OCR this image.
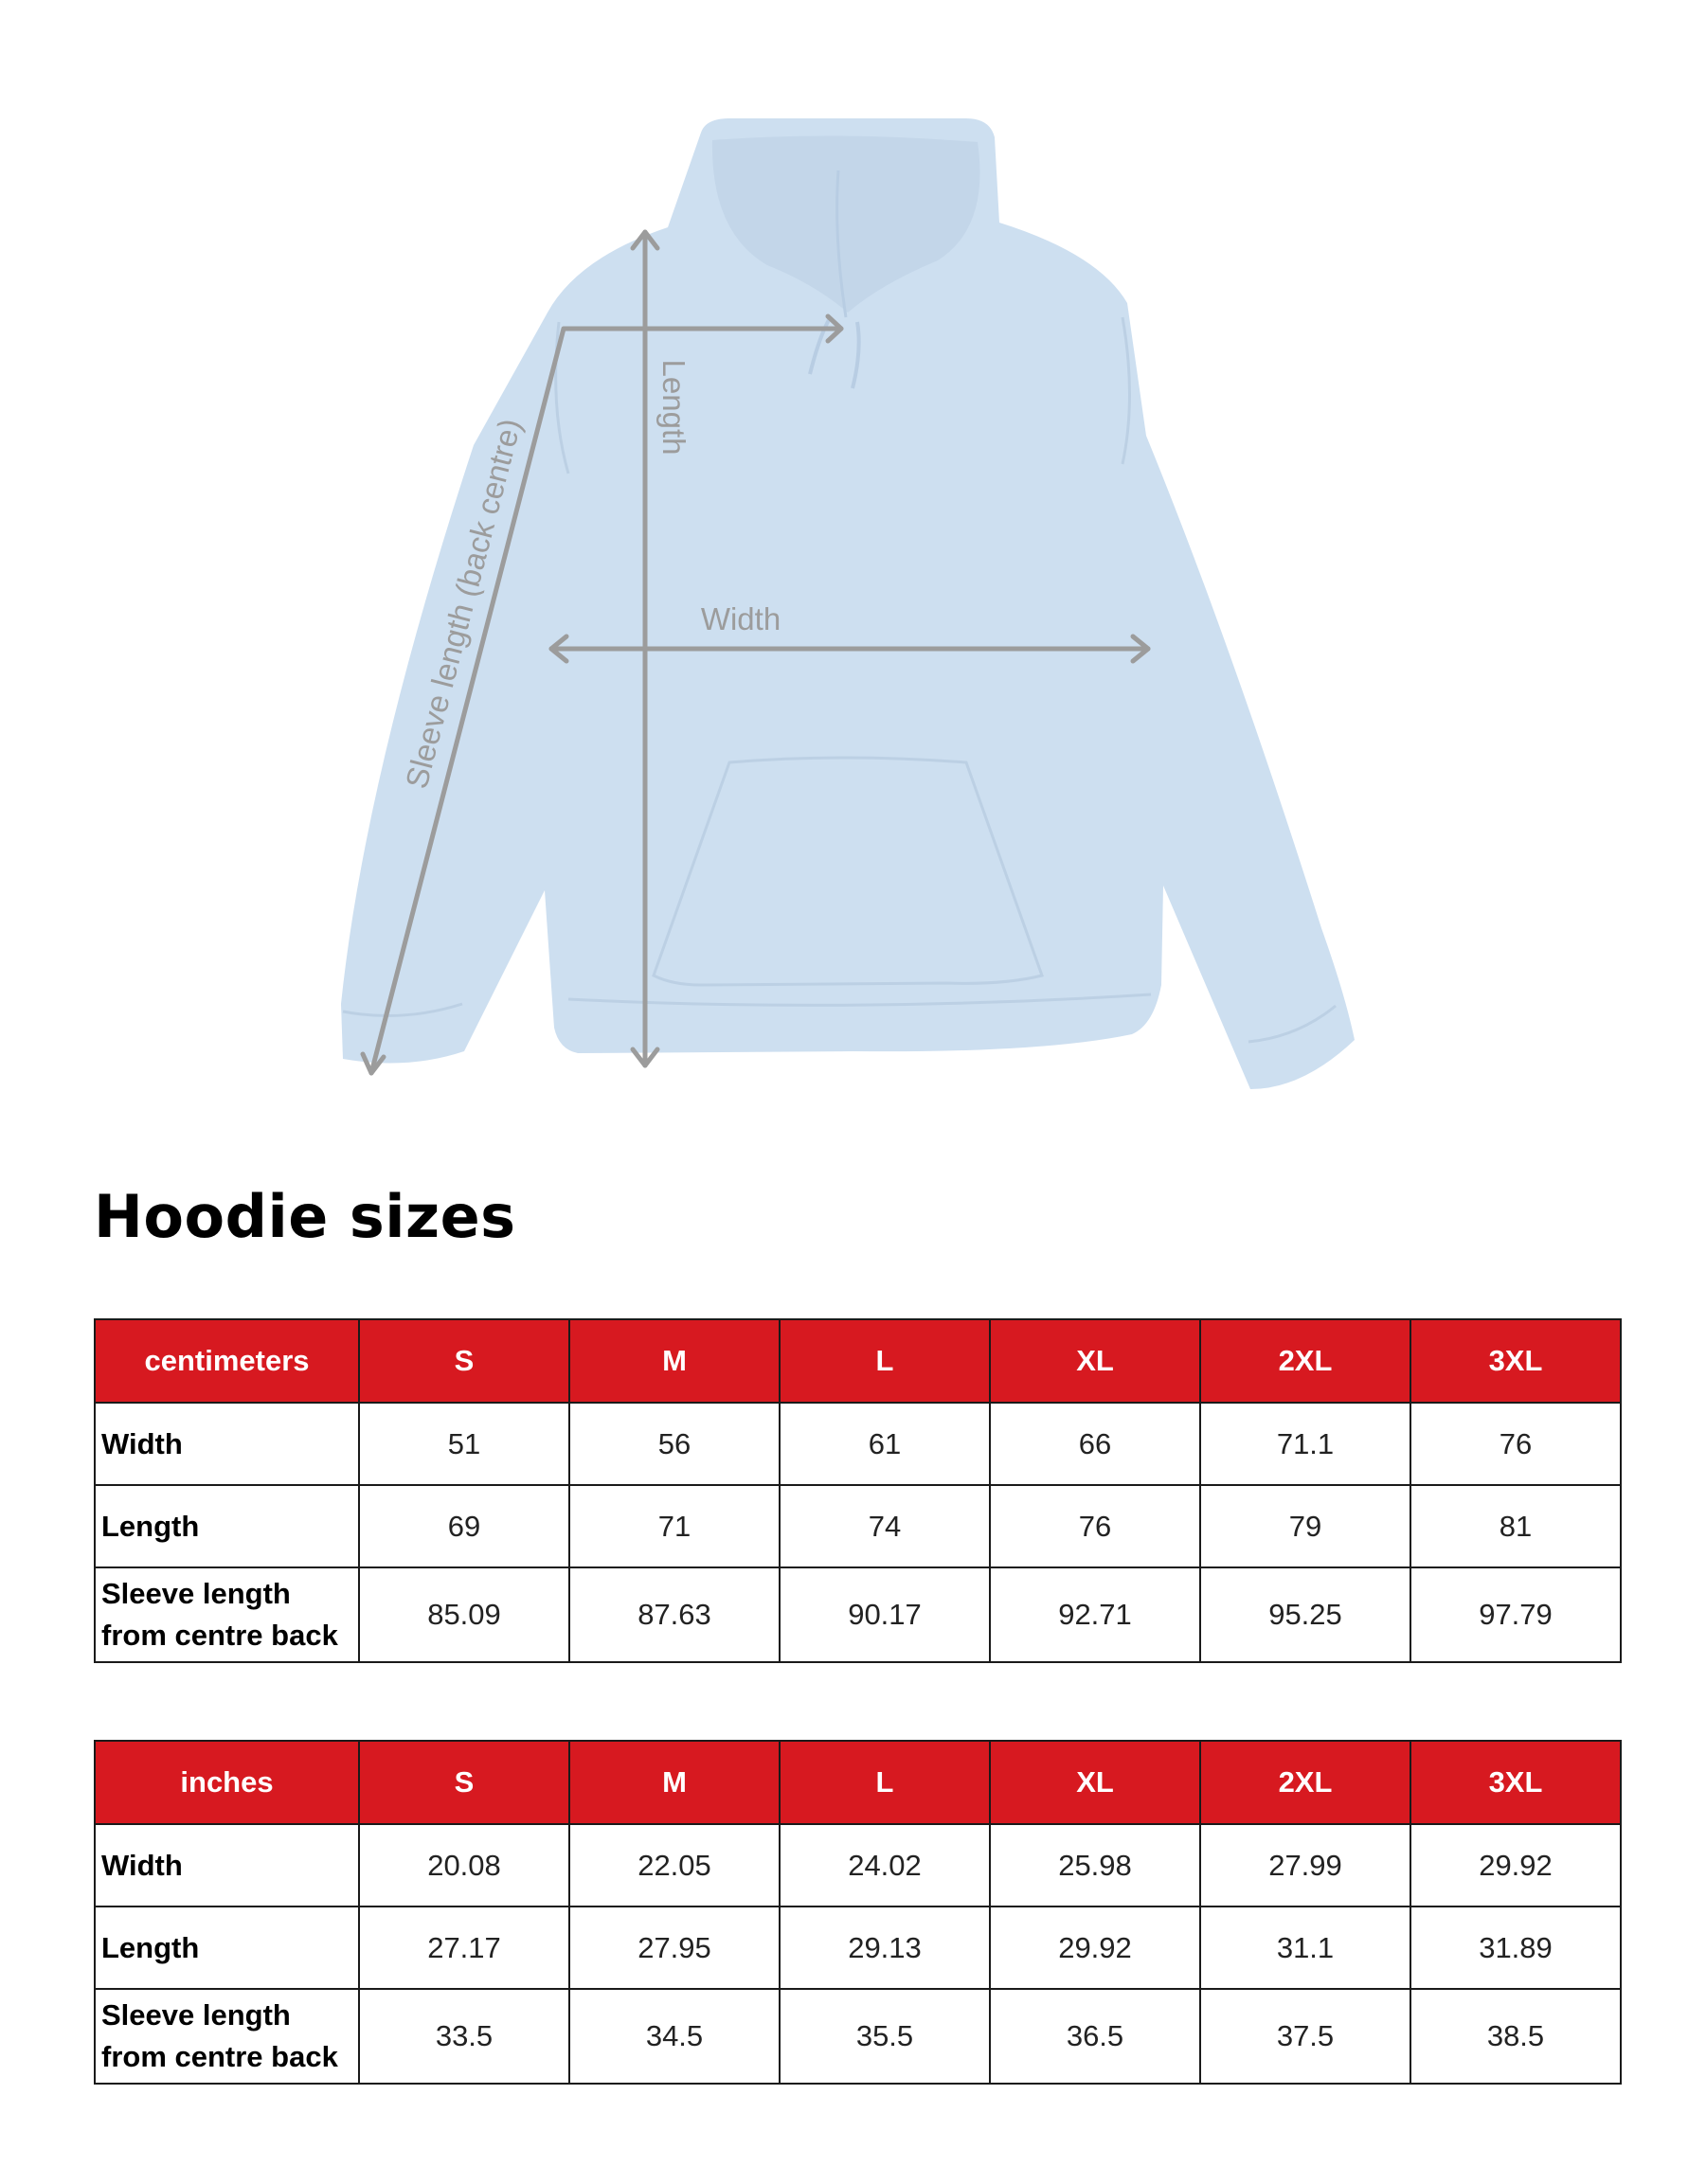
Length
Width
Sleeve length (back centre)
Hoodie sizes
centimeters	S	M	L	XL	2XL	3XL
Width	51	56	61	66	71.1	76
Length	69	71	74	76	79	81
Sleeve length
from centre back	85.09	87.63	90.17	92.71	95.25	97.79
inches	S	M	L	XL	2XL	3XL
Width	20.08	22.05	24.02	25.98	27.99	29.92
Length	27.17	27.95	29.13	29.92	31.1	31.89
Sleeve length
from centre back	33.5	34.5	35.5	36.5	37.5	38.5
